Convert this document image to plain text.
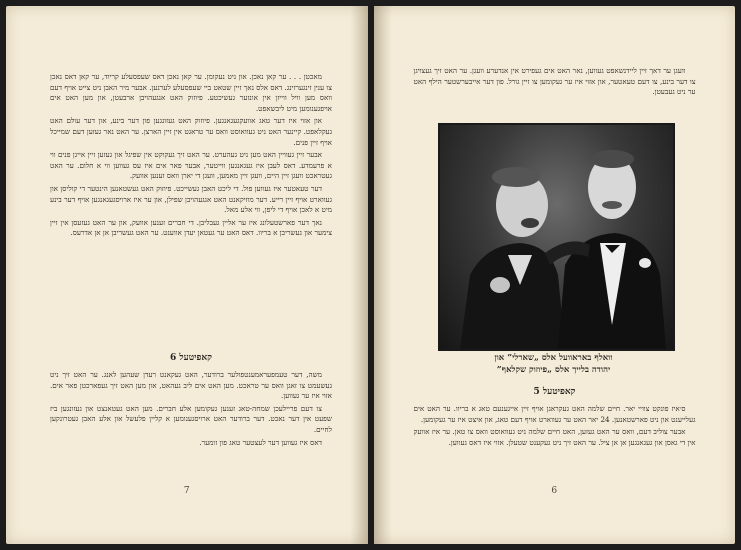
מאכטן . . . ער קאן נאכן. און ניט נעקומן. ער קאן נאכן דאס שעפסעלע קריוד, ער קאן דאס נאכן צו ענין זינגערזינג. דאס אלס נאך זיין שטאט ביי שעפסעלע לערנען. אבער מיר האבן ניט צייט אויף דעם וואס מען וויל ווייזן אין אונזער געשיכטע. פיוזוק האט אנגעהויבן ארבעטן, און מען האט אים אויפגענומען מיט ליבשאפט.

און אזוי איז דער טאג אוועקגעגאנגען. פיוזוק האט געזונגען פון דער בינע, און דער עולם האט געקלאפט. קיינער האט ניט געוואוסט וואס ער טראגט אין זיין הארצן. ער האט נאר געזען דעם שמייכל אויף זיין פנים.

אבער זיין געוויין האט מען ניט געהערט. ער האט זיך געקוקט אין שפיגל און געזען זיין אייגן פנים ווי א פרעמדע. דאס לעבן איז געגאנגען ווייטער, אבער פאר אים איז עס געווען ווי א חלום. ער האט געטראכט וועגן זיין היים, וועגן זיין מאמען, וועגן די יארן וואס זענען אוועק.

דער טעאטער איז געווען פול. די ליכט האבן געשייכט. פיוזוק האט געשטאנען הינטער די קוליסן און געווארט אויף זיין רייע. דער מוזיקאנט האט אנגעהויבן שפילן, און ער איז ארויסגעגאנגען אויף דער בינע מיט א לאכן אויף די ליפן, ווי אלע מאל.

נאך דער פארשטעלונג איז ער אליין געבליבן. די חברים זענען אוועק, און ער האט געזעסן אין זיין צימער און געשריבן א בריוו. דאס האט ער געטאן יעדן אווענט. ער האט געשריבן אן אן אדרעס.

קאפיטעל 6

משה, דער טעמפעראמענטפולער ברודער, האט געקאנט רעדן שעהען לאנג. ער האט זיך ניט געשעמט צו זאגן וואס ער טראכט. מען האט אים ליב געהאט, און מען האט זיך געפארכטן פאר אים. אזוי איז ער געווען.

צו דעם פריילעכן שמחה-טאג זענען געקומען אלע חברים. מען האט געטאנצט און געזונגען ביז שפעט אין דער נאכט. דער ברודער האט ארויסגענומען א קליין פלעשל און אלע האבן געטרונקען לחיים.

דאס איז געווען דער לעצטער טאג פון זומער.

7

וועגן ער דאך זיין ליידנשאפט געווען, נאר האט אים געפירט אין אנדערע וועגן. ער האט זיך געצויגן צו דער בינע, צו דעם טעאטער, און אזוי איז ער געקומען צו זיין גורל. פון דער אייבערשטער הילף האט ער ניט געבעטן.

וואלף באראוועל אלס „שארלי” און
יהודה בלייך אלס „פיוזוק שקלאף”
קאפיטעל 5

ס׳איז פונקט צוויי יאר. חיים שלמה האט געקראגן אויף זיין אייגענעם טאג א בריוו. ער האט אים געלייענט און ניט פארשטאנען. 24 יאר האט ער געווארט אויף דעם טאג, און איצט איז ער געקומען.

אבער צוליב דעם, וואס ער האט געזען, האט חיים שלמה ניט געוואוסט וואס צו טאן. ער איז אוועק אין די גאסן און געגאנגען אן אן ציל. ער האט זיך ניט געקענט שטעלן. אזוי איז דאס געווען.

6
